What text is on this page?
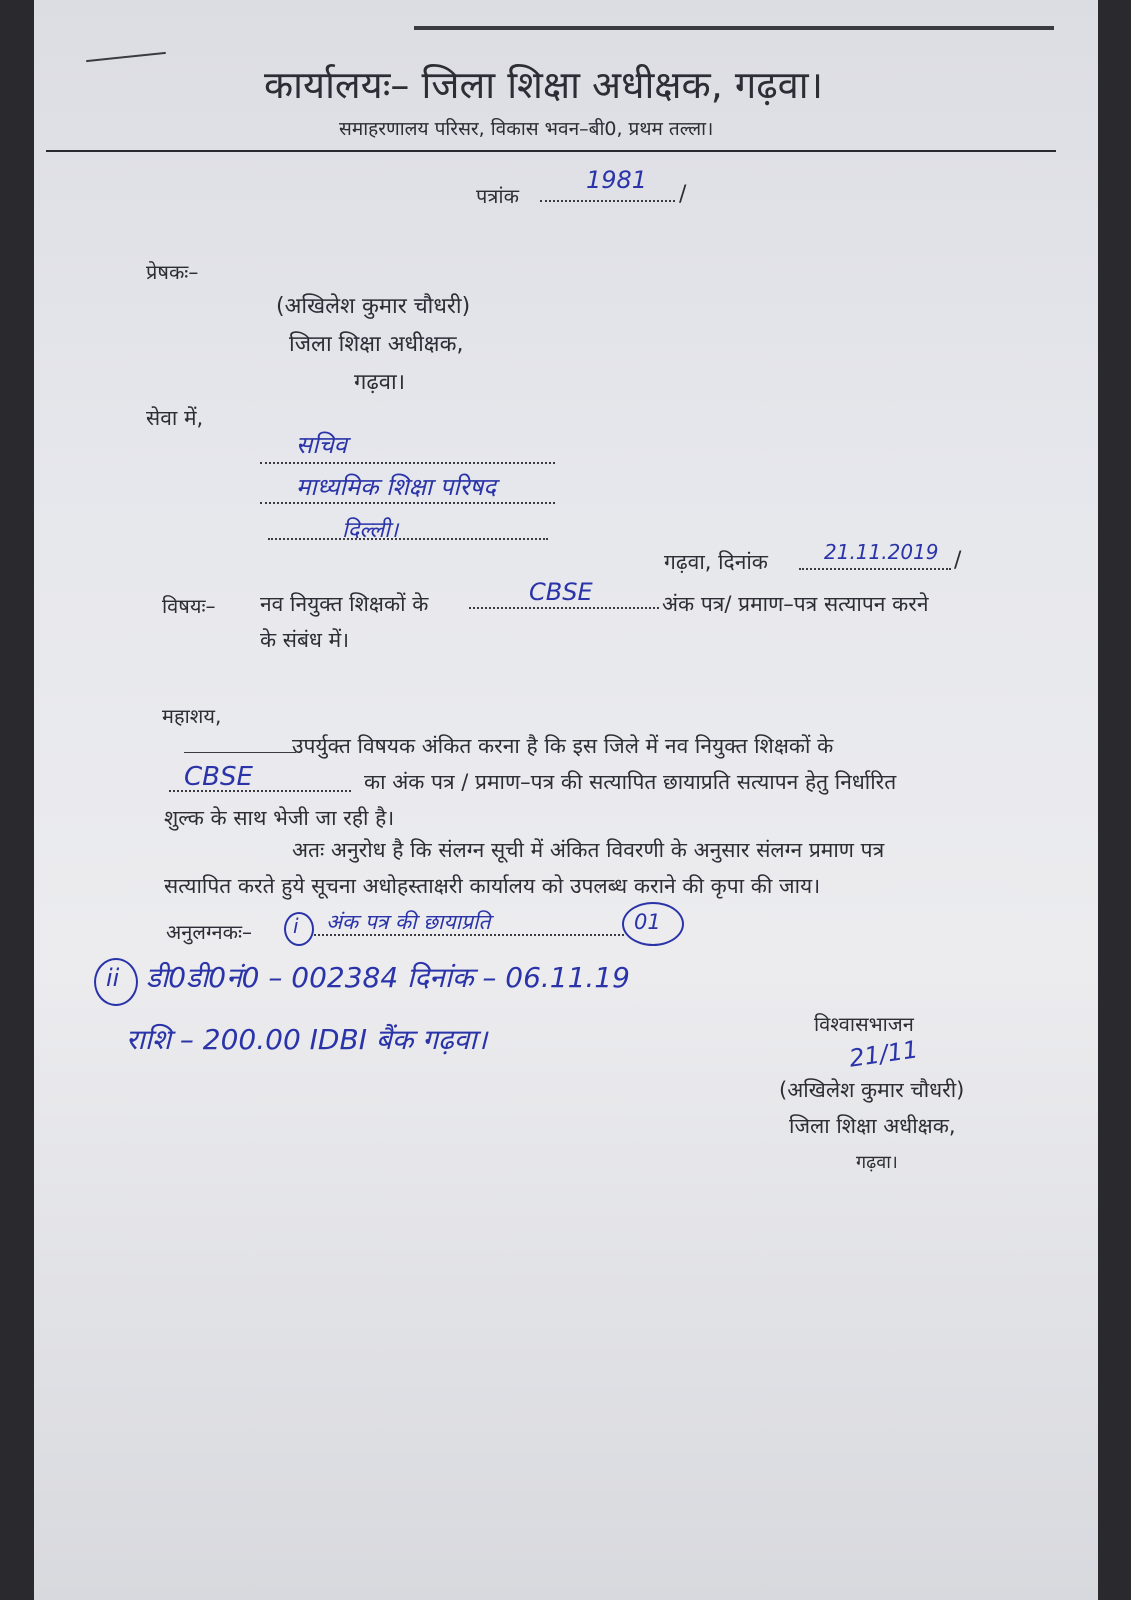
कार्यालयः– जिला शिक्षा अधीक्षक, गढ़वा।
समाहरणालय परिसर, विकास भवन–बी0, प्रथम तल्ला।
पत्रांक
1981
/
प्रेषकः–
(अखिलेश कुमार चौधरी)
जिला शिक्षा अधीक्षक,
गढ़वा।
सेवा में,
सचिव
माध्यमिक शिक्षा परिषद
दिल्ली।
गढ़वा, दिनांक	21.11.2019 /
विषयः– नव नियुक्त शिक्षकों के	CBSE	अंक पत्र/ प्रमाण–पत्र सत्यापन करने
के संबंध में।
महाशय,
उपर्युक्त विषयक अंकित करना है कि इस जिले में नव नियुक्त शिक्षकों के
CBSE	का अंक पत्र / प्रमाण–पत्र की सत्यापित छायाप्रति सत्यापन हेतु निर्धारित
शुल्क के साथ भेजी जा रही है।
अतः अनुरोध है कि संलग्न सूची में अंकित विवरणी के अनुसार संलग्न प्रमाण पत्र
सत्यापित करते हुये सूचना अधोहस्ताक्षरी कार्यालय को उपलब्ध कराने की कृपा की जाय।
अनुलग्नकः– i अंक पत्र की छायाप्रति	01
ii डी0डी0नं0 – 002384 दिनांक – 06.11.19
राशि – 200.00 IDBI बैंक गढ़वा।	विश्वासभाजन
21/11
(अखिलेश कुमार चौधरी)
जिला शिक्षा अधीक्षक,
गढ़वा।
